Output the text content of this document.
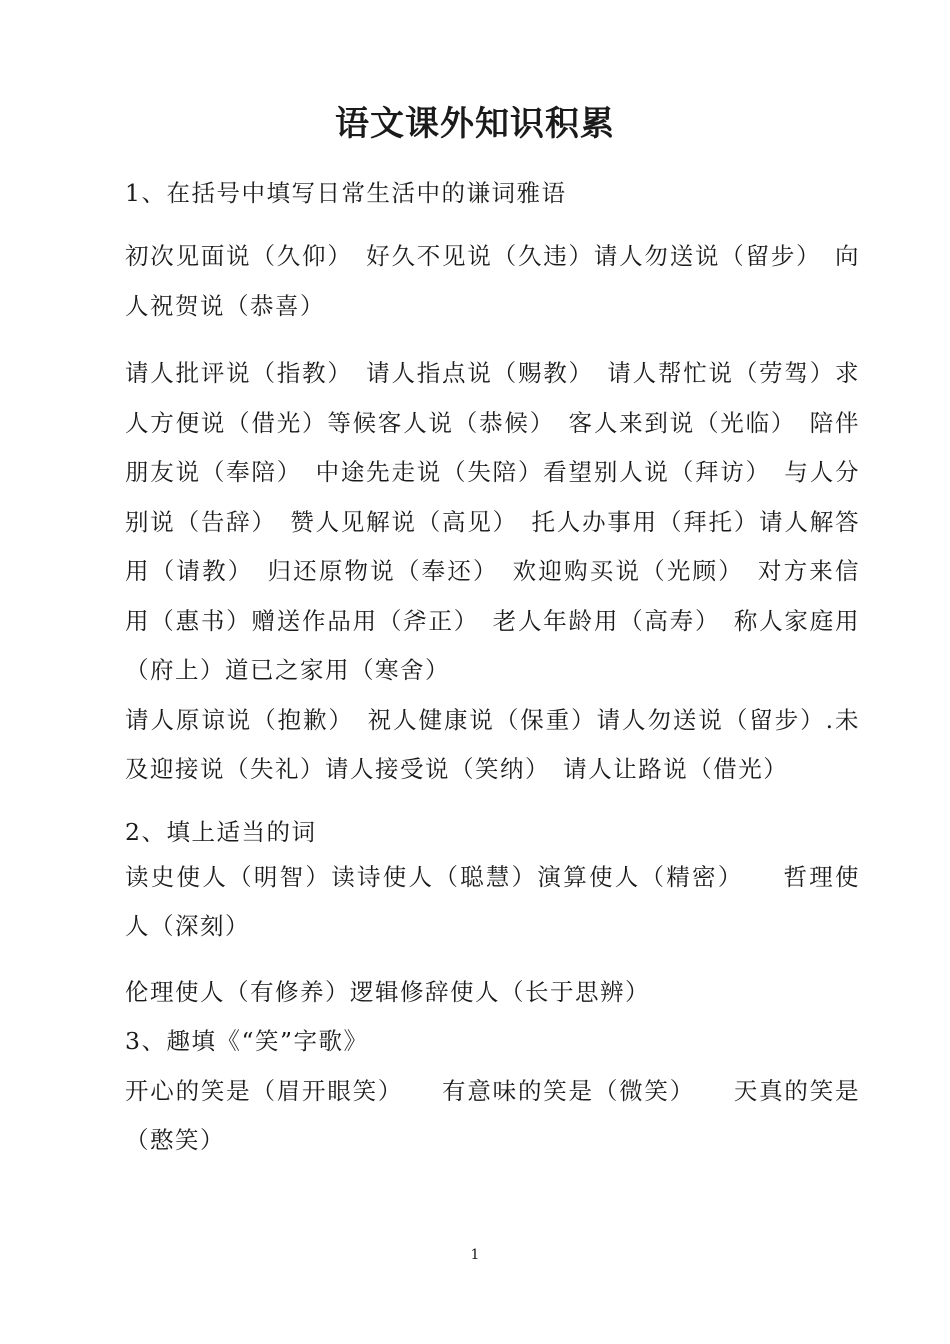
语文课外知识积累

1、在括号中填写日常生活中的谦词雅语

初次见面说（久仰）　好久不见说（久违）请人勿送说（留步）　向人祝贺说（恭喜）

请人批评说（指教）　请人指点说（赐教）　请人帮忙说（劳驾）求人方便说（借光）等候客人说（恭候）　客人来到说（光临）　陪伴朋友说（奉陪）　中途先走说（失陪）看望别人说（拜访）　与人分别说（告辞）　赞人见解说（高见）　托人办事用（拜托）请人解答用（请教）　归还原物说（奉还）　欢迎购买说（光顾）　对方来信用（惠书）赠送作品用（斧正）　老人年龄用（高寿）　称人家庭用（府上）道已之家用（寒舍）

请人原谅说（抱歉）　祝人健康说（保重）请人勿送说（留步）.未及迎接说（失礼）请人接受说（笑纳）　请人让路说（借光）

2、填上适当的词

读史使人（明智）读诗使人（聪慧）演算使人（精密）　　哲理使人（深刻）

伦理使人（有修养）逻辑修辞使人（长于思辨）

3、趣填《“笑”字歌》

开心的笑是（眉开眼笑）　　有意味的笑是（微笑）　　天真的笑是（憨笑）

1
